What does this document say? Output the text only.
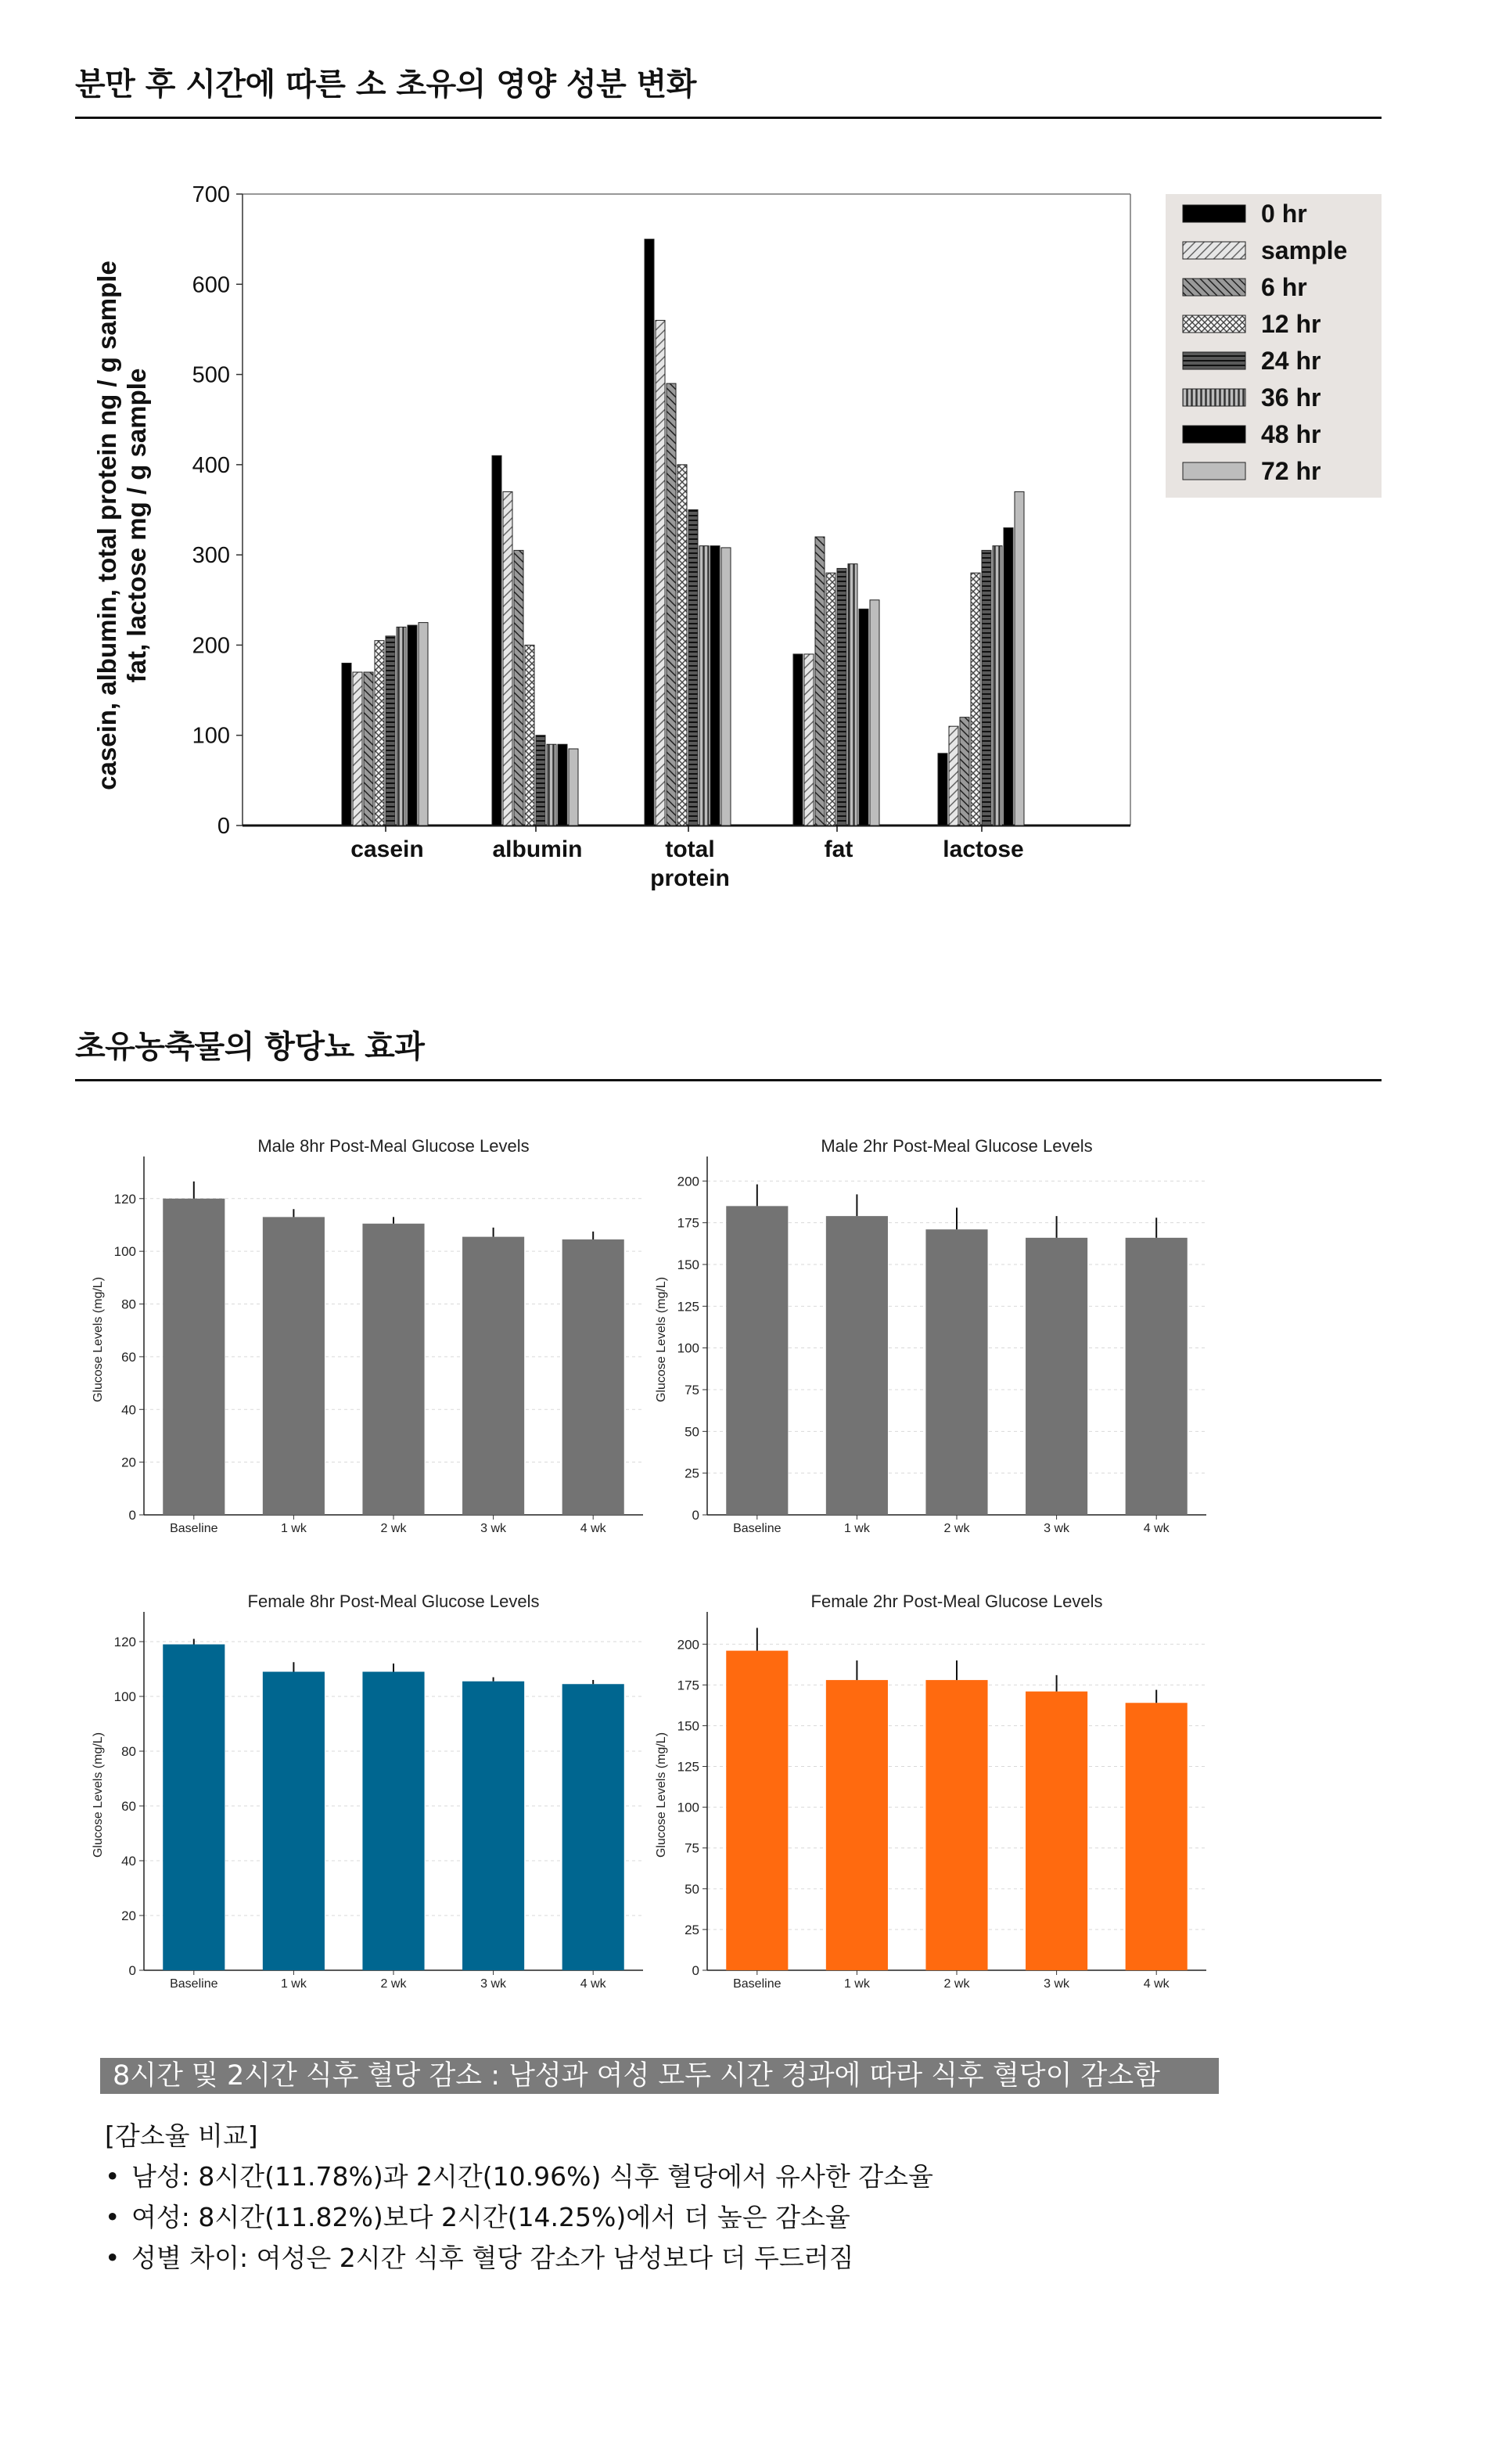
분만 후 시간에 따른 소 초유의 영양 성분 변화
0
100
200
300
400
500
600
700
casein, albumin, total protein ng / g sample fat, lactose mg / g sample
casein	albumin	total
protein
fat	lactose
0 hr
sample
6 hr
12 hr
24 hr
36 hr
48 hr
72 hr
초유농축물의 항당뇨 효과
Male 8hr Post-Meal Glucose Levels
0
20
40
60
80
100
120
Glucose Levels (mg/L)
Baseline	1 wk	2 wk	3 wk	4 wk
Male 2hr Post-Meal Glucose Levels
0
25
50
75
100
125
150
175
200
Glucose Levels (mg/L)
Baseline	1 wk	2 wk	3 wk	4 wk
Female 8hr Post-Meal Glucose Levels
0
20
40
60
80
100
120
Glucose Levels (mg/L)
Baseline	1 wk	2 wk	3 wk	4 wk
Female 2hr Post-Meal Glucose Levels
0
25
50
75
100
125
150
175
200
Glucose Levels (mg/L)
Baseline	1 wk	2 wk	3 wk	4 wk
8시간 및 2시간 식후 혈당 감소 : 남성과 여성 모두 시간 경과에 따라 식후 혈당이 감소함
[감소율 비교]
• 남성: 8시간(11.78%)과 2시간(10.96%) 식후 혈당에서 유사한 감소율
• 여성: 8시간(11.82%)보다 2시간(14.25%)에서 더 높은 감소율
• 성별 차이: 여성은 2시간 식후 혈당 감소가 남성보다 더 두드러짐
